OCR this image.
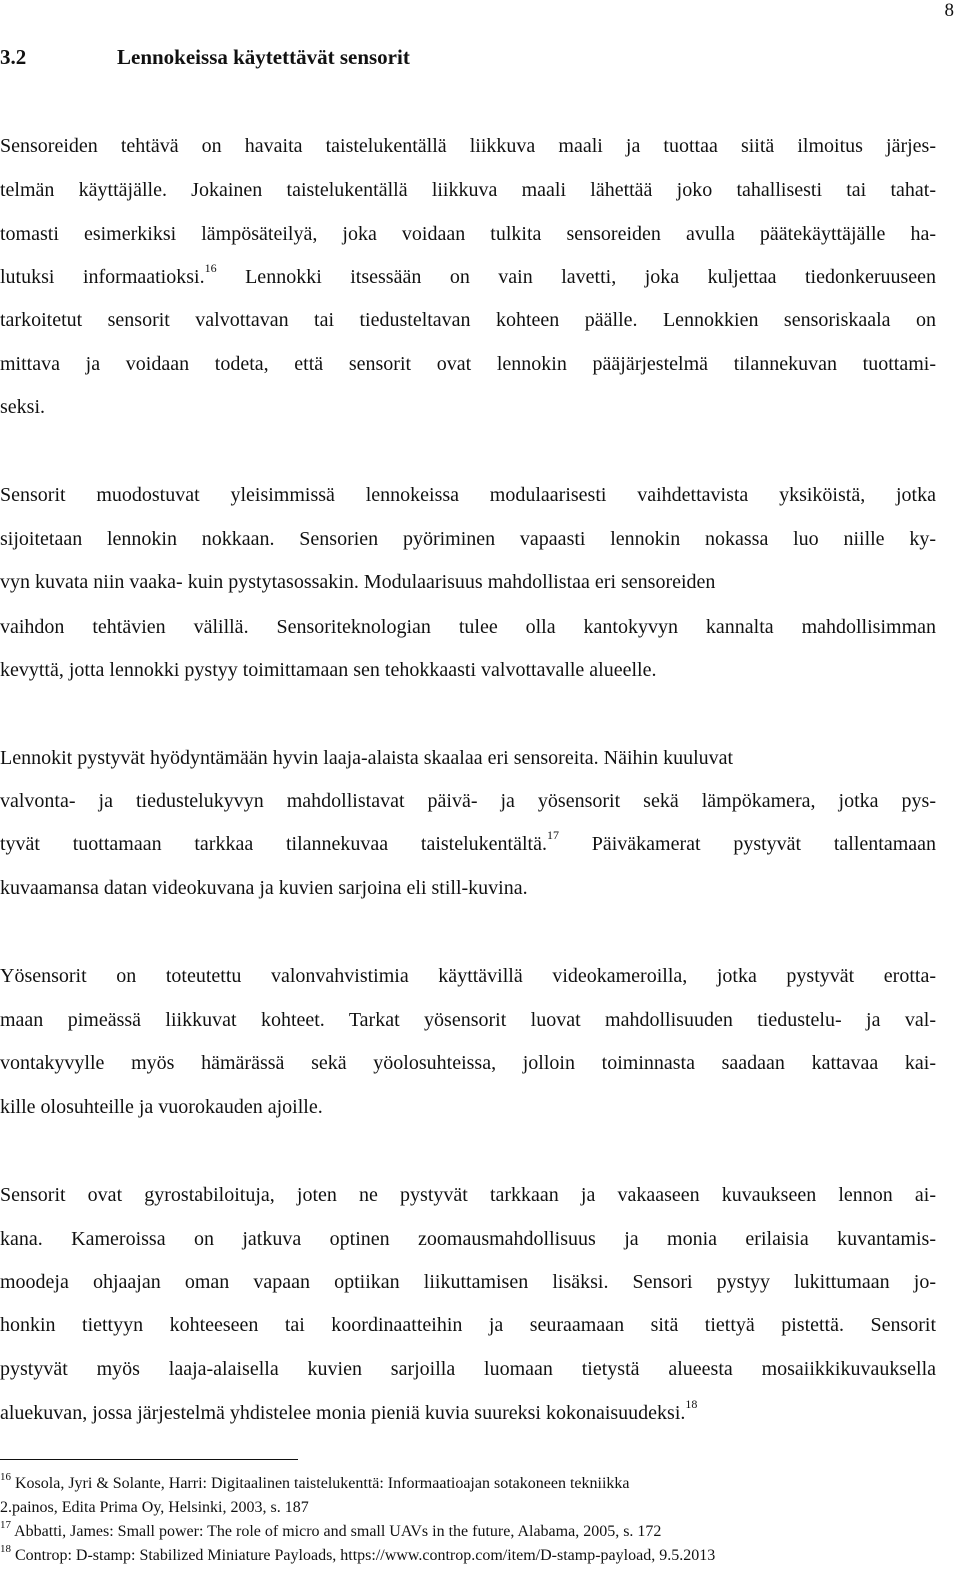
8
3.2	Lennokeissa käytettävät sensorit
Sensoreiden tehtävä on havaita taistelukentällä liikkuva maali ja tuottaa siitä ilmoitus järjes-
telmän käyttäjälle. Jokainen taistelukentällä liikkuva maali lähettää joko tahallisesti tai tahat-
tomasti esimerkiksi lämpösäteilyä, joka voidaan tulkita sensoreiden avulla päätekäyttäjälle ha-
lutuksi informaatioksi.$^{16}$ Lennokki itsessään on vain lavetti, joka kuljettaa tiedonkeruuseen
tarkoitetut sensorit valvottavan tai tiedusteltavan kohteen päälle. Lennokkien sensoriskaala on
mittava ja voidaan todeta, että sensorit ovat lennokin pääjärjestelmä tilannekuvan tuottami-
seksi.
Sensorit muodostuvat yleisimmissä lennokeissa modulaarisesti vaihdettavista yksiköistä, jotka
sijoitetaan lennokin nokkaan. Sensorien pyöriminen vapaasti lennokin nokassa luo niille ky-
vyn kuvata niin vaaka- kuin pystytasossakin. Modulaarisuus mahdollistaa eri sensoreiden
vaihdon tehtävien välillä. Sensoriteknologian tulee olla kantokyvyn kannalta mahdollisimman
kevyttä, jotta lennokki pystyy toimittamaan sen tehokkaasti valvottavalle alueelle.
Lennokit pystyvät hyödyntämään hyvin laaja-alaista skaalaa eri sensoreita. Näihin kuuluvat
valvonta- ja tiedustelukyvyn mahdollistavat päivä- ja yösensorit sekä lämpökamera, jotka pys-
tyvät tuottamaan tarkkaa tilannekuvaa taistelukentältä.$^{17}$ Päiväkamerat pystyvät tallentamaan
kuvaamansa datan videokuvana ja kuvien sarjoina eli still-kuvina.
Yösensorit on toteutettu valonvahvistimia käyttävillä videokameroilla, jotka pystyvät erotta-
maan pimeässä liikkuvat kohteet. Tarkat yösensorit luovat mahdollisuuden tiedustelu- ja val-
vontakyvylle myös hämärässä sekä yöolosuhteissa, jolloin toiminnasta saadaan kattavaa kai-
kille olosuhteille ja vuorokauden ajoille.
Sensorit ovat gyrostabiloituja, joten ne pystyvät tarkkaan ja vakaaseen kuvaukseen lennon ai-
kana. Kameroissa on jatkuva optinen zoomausmahdollisuus ja monia erilaisia kuvantamis-
moodeja ohjaajan oman vapaan optiikan liikuttamisen lisäksi. Sensori pystyy lukittumaan jo-
honkin tiettyyn kohteeseen tai koordinaatteihin ja seuraamaan sitä tiettyä pistettä. Sensorit
pystyvät myös laaja-alaisella kuvien sarjoilla luomaan tietystä alueesta mosaiikkikuvauksella
aluekuvan, jossa järjestelmä yhdistelee monia pieniä kuvia suureksi kokonaisuudeksi.$^{18}$
$^{16}$ Kosola, Jyri & Solante, Harri: Digitaalinen taistelukenttä: Informaatioajan sotakoneen tekniikka
2.painos, Edita Prima Oy, Helsinki, 2003, s. 187
$^{17}$ Abbatti, James: Small power: The role of micro and small UAVs in the future, Alabama, 2005, s. 172
$^{18}$ Controp: D-stamp: Stabilized Miniature Payloads, https://www.controp.com/item/D-stamp-payload, 9.5.2013
